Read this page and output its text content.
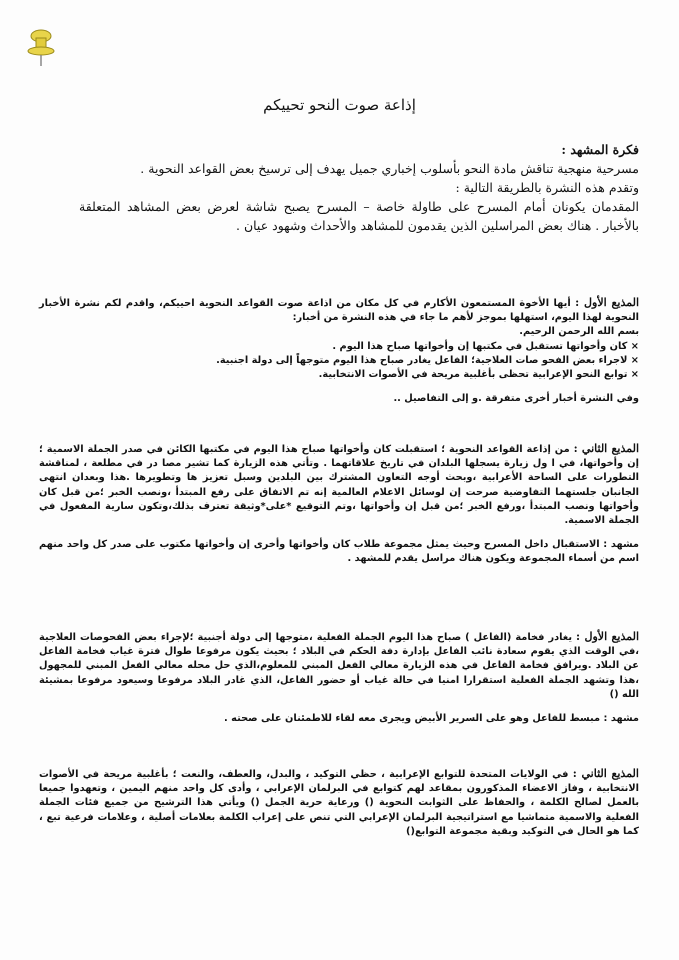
إذاعة صوت النحو تحييكم
فكرة المشهد :
مسرحية منهجية تناقش مادة النحو بأسلوب إخباري جميل يهدف إلى ترسيخ بعض القواعد النحوية .
وتقدم هذه النشرة بالطريقة التالية :
المقدمان يكونان أمام المسرح على طاولة خاصة – المسرح يصبح شاشة لعرض بعض المشاهد المتعلقة بالأخبار . هناك بعض المراسلين الذين يقدمون للمشاهد والأحداث وشهود عيان .

المذيع الأول : أيها الأخوة المستمعون الأكارم في كل مكان من اذاعة صوت القواعد النحوية احييكم، واقدم لكم نشرة الأخبار النحوية لهذا اليوم، استهلها بموجز لأهم ما جاء في هذه النشرة من أخبار:

بسم الله الرحمن الرحيم.

× كان وأخواتها تستقبل في مكتبها إن وأخواتها صباح هذا اليوم .
× لاجراء بعض الفحو صات العلاجية؛ الفاعل يغادر صباح هذا اليوم متوجهاً إلى دولة اجنبية.
× توابع النحو الإعرابية تحظى بأغلبية مريحة في الأصوات الانتخابية.

وفي النشرة أخبار أخرى متفرقة .و إلى التفاصيل ..

المذيع الثاني : من إذاعة القواعد النحوية ؛ استقبلت كان وأخواتها صباح هذا اليوم في مكتبها الكائن في صدر الجملة الاسمية ؛ إن وأخواتها، في ا ول زيارة يسجلها البلدان في تاريخ علاقاتهما . وتأتي هذه الزيارة كما تشير مصا در في مطلعة ، لمناقشة التطورات على الساحة الأعرابية ،وبحث أوجه التعاون المشترك بين البلدين وسبل تعزيز ها وتطويرها .هذا وبعدان انتهى الجانبان جلستهما التفاوضية صرحت إن لوسائل الاعلام العالمية إنه تم الاتفاق على رفع المبتدأ ،ونصب الخبر ؛من قبل كان وأخواتها ونصب المبتدأ ،ورفع الخبر ؛من قبل إن وأخواتها ،وتم التوقيع *على*وثيقة تعترف بذلك،وتكون سارية المفعول في الجملة الاسمية.

مشهد : الاستقبال داخل المسرح وحيث يمثل مجموعة طلاب كان وأخواتها وأخرى إن وأخواتها مكتوب على صدر كل واحد منهم اسم من أسماء المجموعة ويكون هناك مراسل يقدم للمشهد .

المذيع الأول : يغادر فخامة (الفاعل ) صباح هذا اليوم الجملة الفعلية ،متوجها إلى دولة أجنبية ؛لإجراء بعض الفحوصات العلاجية ،في الوقت الذي يقوم سعادة نائب الفاعل بإدارة دفة الحكم في البلاد ؛ بحيث يكون مرفوعا طوال فترة غياب فخامة الفاعل عن البلاد .ويرافق فخامة الفاعل في هذه الزيارة معالي الفعل المبني للمعلوم،الذي حل محله معالي الفعل المبني للمجهول ،هذا وتشهد الجملة الفعلية استقرارا امنيا في حالة غياب أو حضور الفاعل، الذي غادر البلاد مرفوعا وسيعود مرفوعا بمشيئة الله ()

مشهد : مبسط للفاعل وهو على السرير الأبيض ويجرى معه لقاء للاطمئنان على صحته .

المذيع الثاني : في الولايات المتحدة للتوابع الإعرابية ، حظي التوكيد ، والبدل، والعطف، والنعت ؛ بأغلبية مريحة في الأصوات الانتخابية ، وفاز الاعضاء المذكورون بمقاعد لهم كتوابع في البرلمان الإعرابي ، وأدى كل واحد منهم اليمين ، وتعهدوا جميعا بالعمل لصالح الكلمة ، والحفاظ على الثوابت النحوية () ورعاية حرية الجمل () ويأتي هذا الترشيح من جميع فئات الجملة الفعلية والاسمية متماشيا مع استراتيجية البرلمان الإعرابي التي تنص على إعراب الكلمة بعلامات أصلية ، وعلامات فرعية تبع ، كما هو الحال في التوكيد وبقية مجموعة التوابع()
